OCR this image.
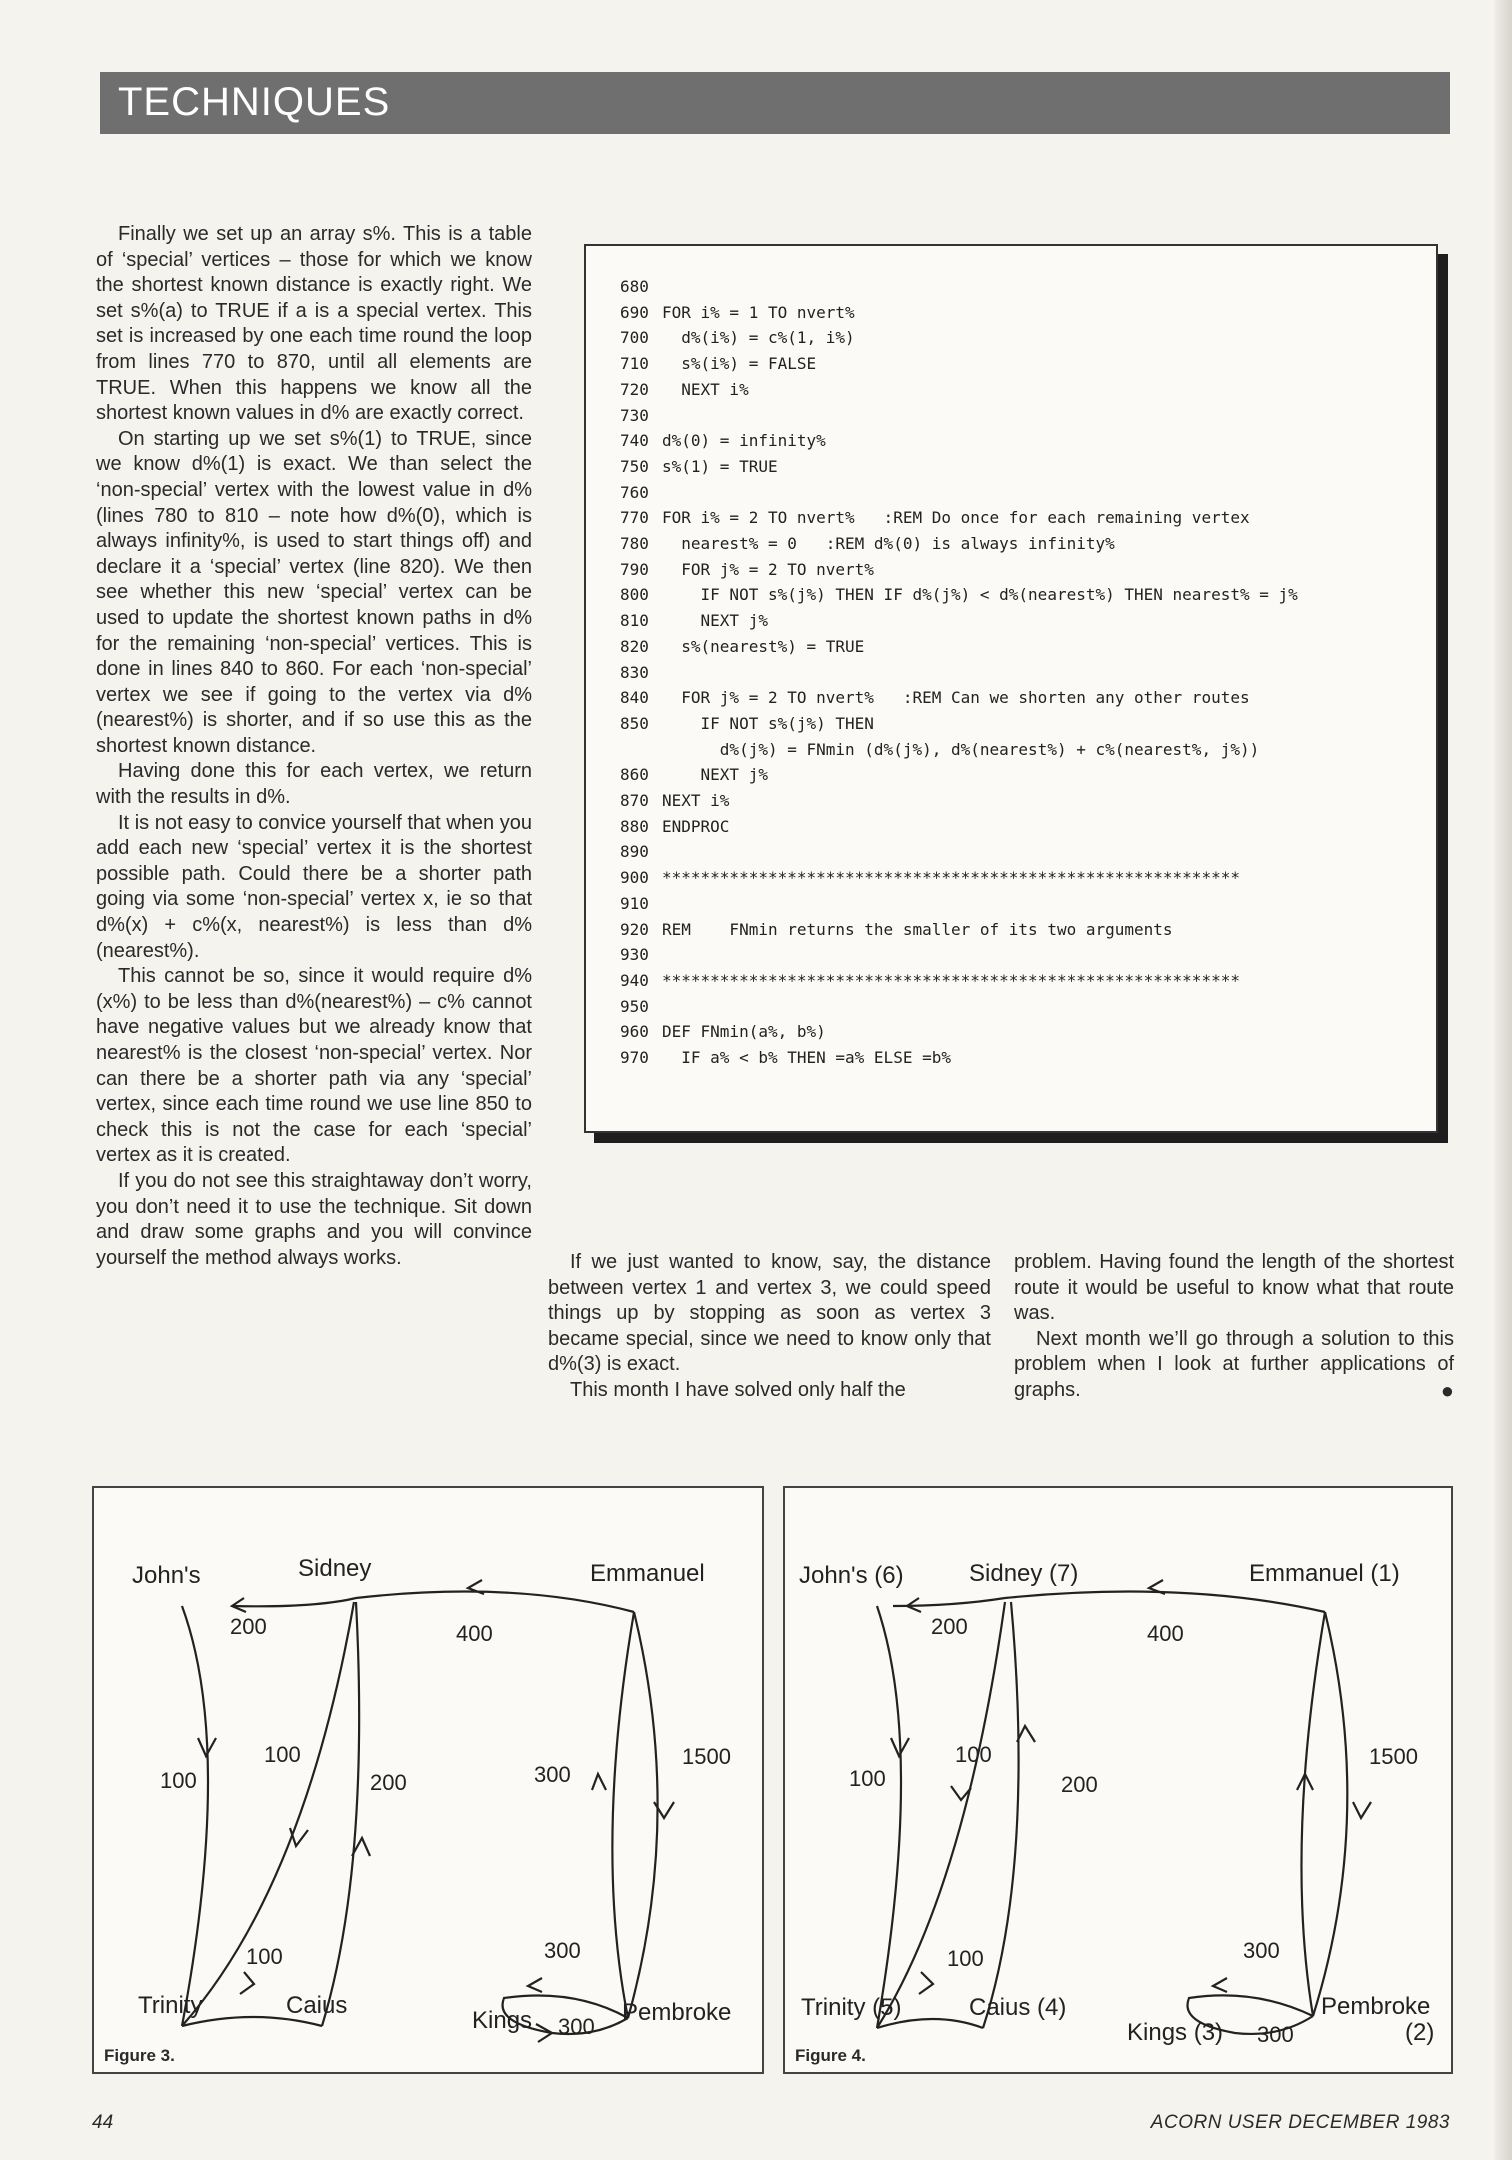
TECHNIQUES

Finally we set up an array s%. This is a table of ‘special’ vertices – those for which we know the shortest known distance is exactly right. We set s%(a) to TRUE if a is a special vertex. This set is increased by one each time round the loop from lines 770 to 870, until all elements are TRUE. When this happens we know all the shortest known values in d% are exactly correct.

On starting up we set s%(1) to TRUE, since we know d%(1) is exact. We than select the ‘non-special’ vertex with the lowest value in d% (lines 780 to 810 – note how d%(0), which is always infinity%, is used to start things off) and declare it a ‘special’ vertex (line 820). We then see whether this new ‘special’ vertex can be used to update the shortest known paths in d% for the remaining ‘non-special’ vertices. This is done in lines 840 to 860. For each ‘non-special’ vertex we see if going to the vertex via d% (nearest%) is shorter, and if so use this as the shortest known distance.

Having done this for each vertex, we return with the results in d%.

It is not easy to convice yourself that when you add each new ‘special’ vertex it is the shortest possible path. Could there be a shorter path going via some ‘non-special’ vertex x, ie so that d%(x) + c%(x, nearest%) is less than d%(nearest%).

This cannot be so, since it would require d%(x%) to be less than d%(nearest%) – c% cannot have negative values but we already know that nearest% is the closest ‘non-special’ vertex. Nor can there be a shorter path via any ‘special’ vertex, since each time round we use line 850 to check this is not the case for each ‘special’ vertex as it is created.

If you do not see this straightaway don’t worry, you don’t need it to use the technique. Sit down and draw some graphs and you will convince yourself the method always works.

680
690 FOR i% = 1 TO nvert%
700 d%(i%) = c%(1, i%)
710 s%(i%) = FALSE
720 NEXT i%
730
740 d%(0) = infinity%
750 s%(1) = TRUE
760
770 FOR i% = 2 TO nvert%   :REM Do once for each remaining vertex
780 nearest% = 0   :REM d%(0) is always infinity%
790 FOR j% = 2 TO nvert%
800 IF NOT s%(j%) THEN IF d%(j%) < d%(nearest%) THEN nearest% = j%
810 NEXT j%
820 s%(nearest%) = TRUE
830
840 FOR j% = 2 TO nvert%   :REM Can we shorten any other routes
850 IF NOT s%(j%) THEN
d%(j%) = FNmin (d%(j%), d%(nearest%) + c%(nearest%, j%))
860 NEXT j%
870 NEXT i%
880 ENDPROC
890
900 ************************************************************
910
920 REM    FNmin returns the smaller of its two arguments
930
940 ************************************************************
950
960 DEF FNmin(a%, b%)
970 IF a% < b% THEN =a% ELSE =b%

If we just wanted to know, say, the distance between vertex 1 and vertex 3, we could speed things up by stopping as soon as vertex 3 became special, since we need to know only that d%(3) is exact.

This month I have solved only half the

problem. Having found the length of the shortest route it would be useful to know what that route was.

Next month we’ll go through a solution to this problem when I look at further applications of graphs.	●

John's	Sidney	Emmanuel
Trinity	Caius
Kings	Pembroke
200	400
100
100
200	300
1500
100	300
300
Figure 3.
John's (6)	Sidney (7)	Emmanuel (1)
Trinity (5)	Caius (4)
Kings (3)
Pembroke
(2)
200	400
100
100
200
1500
100	300
300
Figure 4.
44	ACORN USER DECEMBER 1983
